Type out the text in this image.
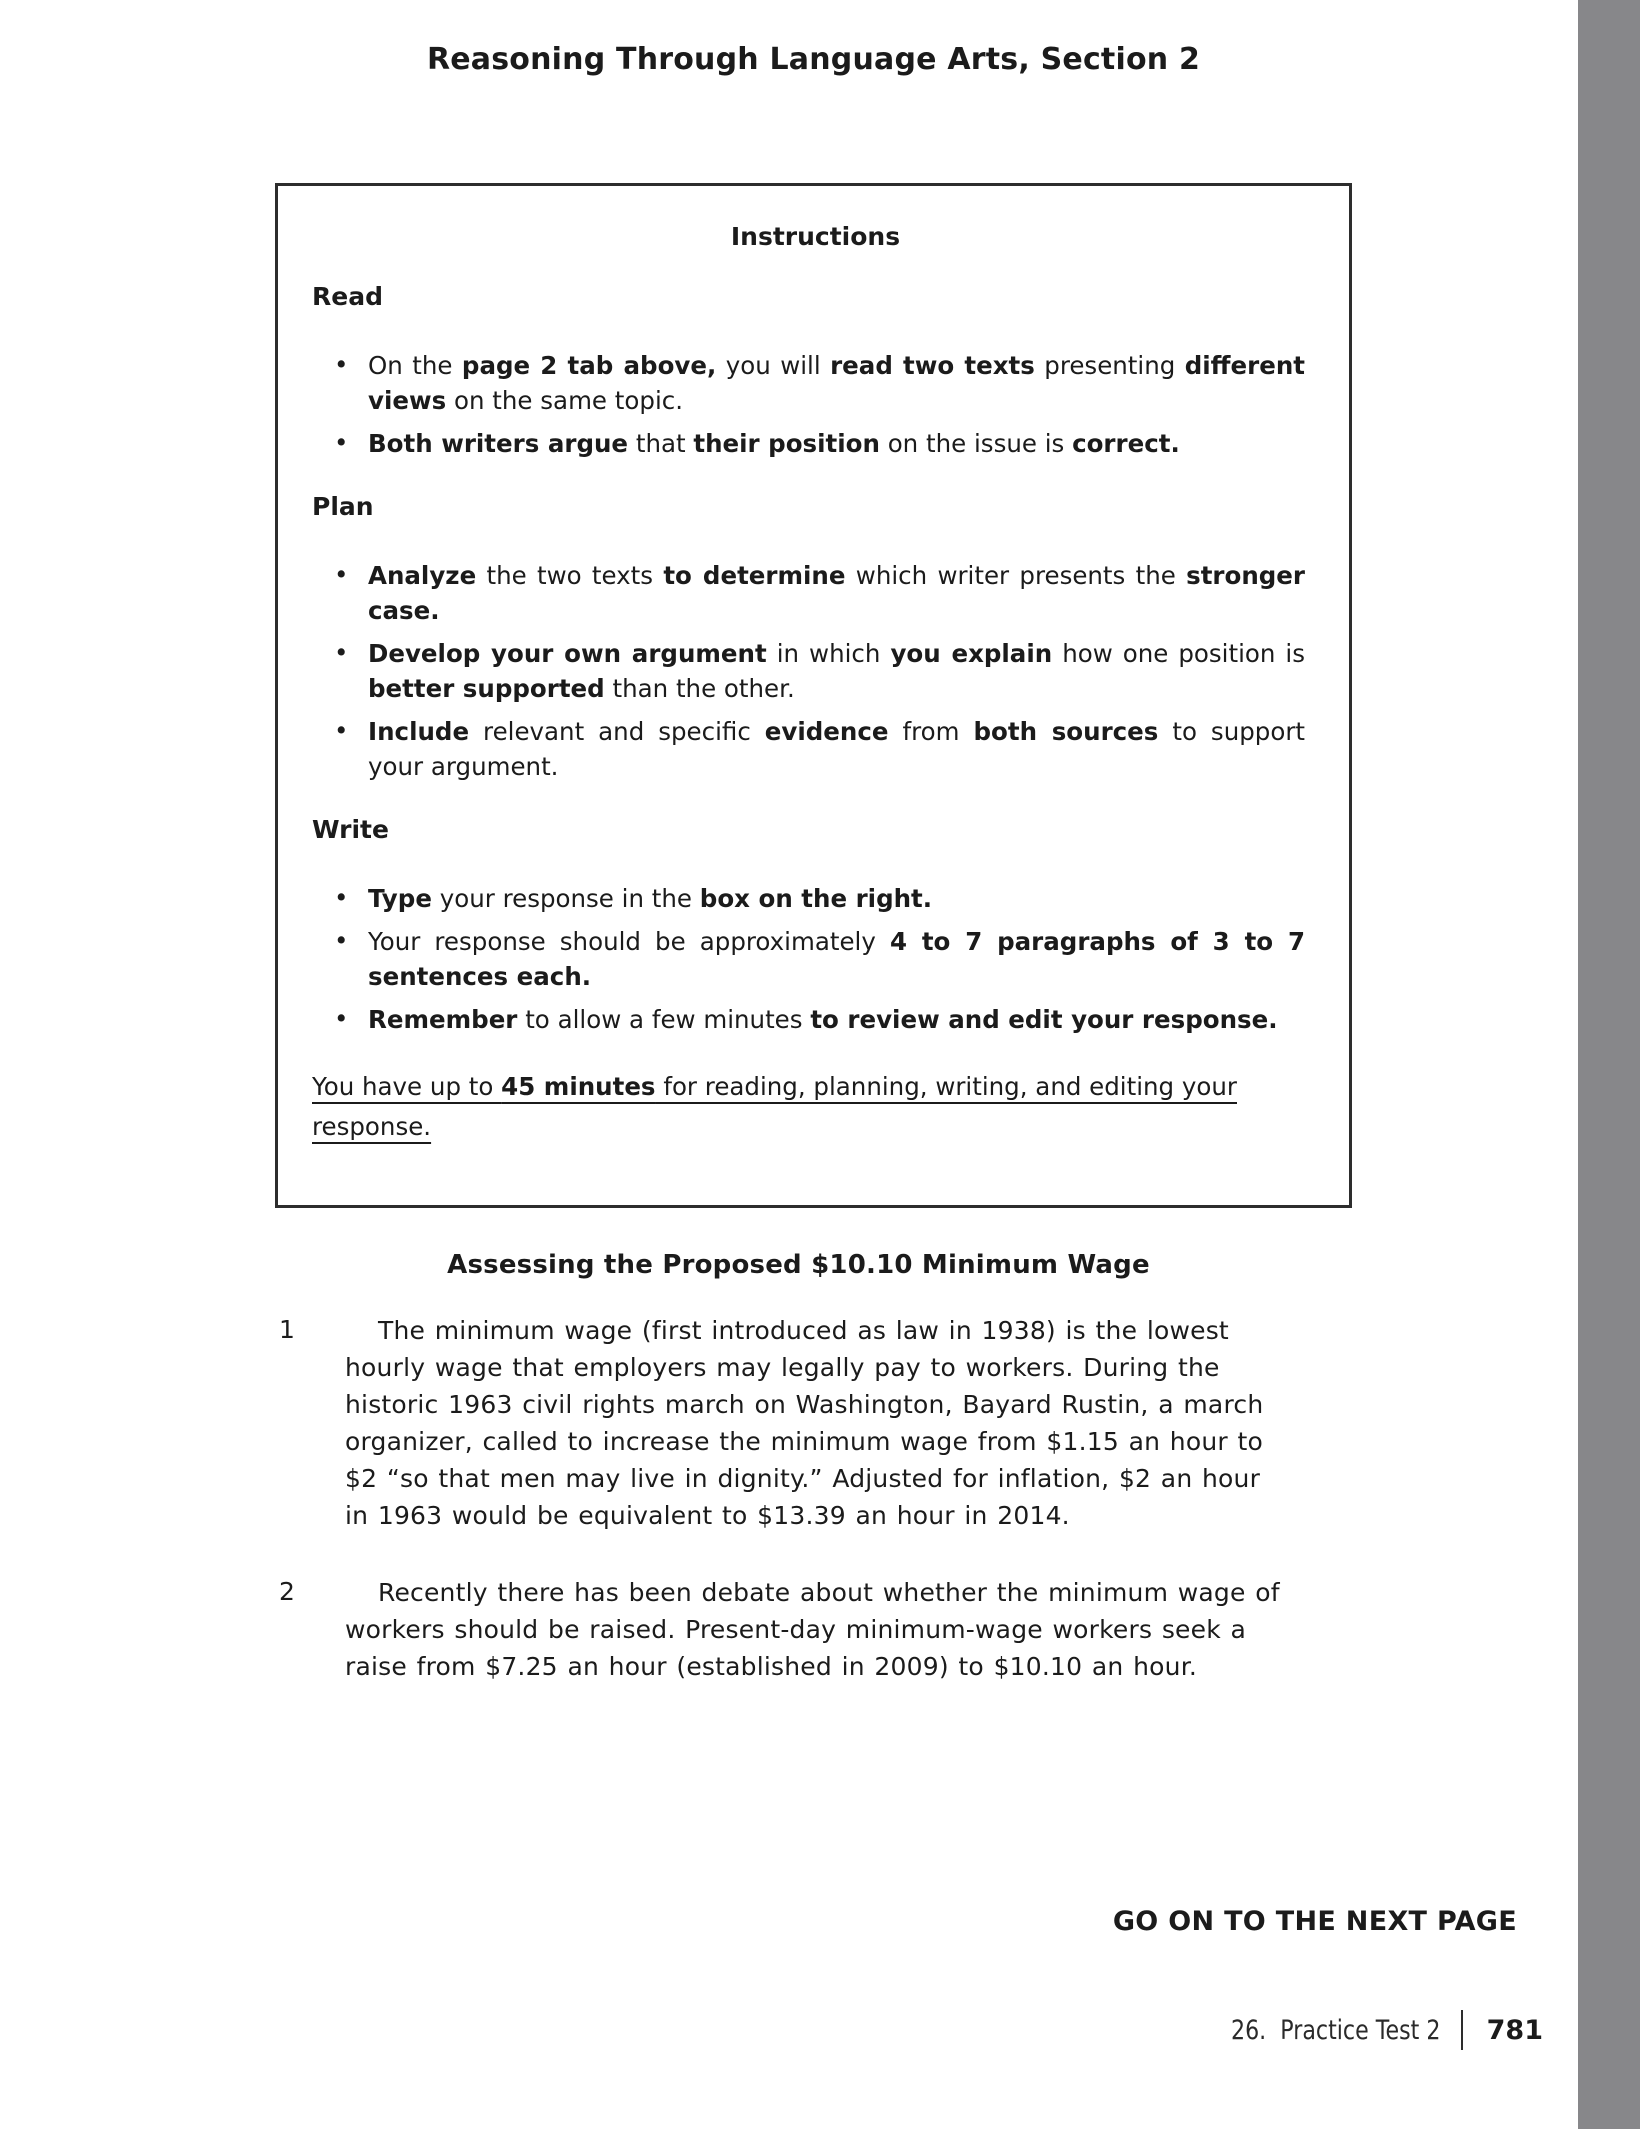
Reasoning Through Language Arts, Section 2
Instructions
Read
• On the page 2 tab above, you will read two texts presenting different views on the same topic.
• Both writers argue that their position on the issue is correct.
Plan
• Analyze the two texts to determine which writer presents the stronger case.
• Develop your own argument in which you explain how one position is better supported than the other.
• Include relevant and specific evidence from both sources to support your argument.
Write
• Type your response in the box on the right.
• Your response should be approximately 4 to 7 paragraphs of 3 to 7 sentences each.
• Remember to allow a few minutes to review and edit your response.
You have up to 45 minutes for reading, planning, writing, and editing your response.
Assessing the Proposed $10.10 Minimum Wage
1	The minimum wage (first introduced as law in 1938) is the lowest hourly wage that employers may legally pay to workers. During the historic 1963 civil rights march on Washington, Bayard Rustin, a march organizer, called to increase the minimum wage from $1.15 an hour to $2 “so that men may live in dignity.” Adjusted for inflation, $2 an hour in 1963 would be equivalent to $13.39 an hour in 2014.
2	Recently there has been debate about whether the minimum wage of workers should be raised. Present-day minimum-wage workers seek a raise from $7.25 an hour (established in 2009) to $10.10 an hour.
GO ON TO THE NEXT PAGE
26.  Practice Test 2 781
